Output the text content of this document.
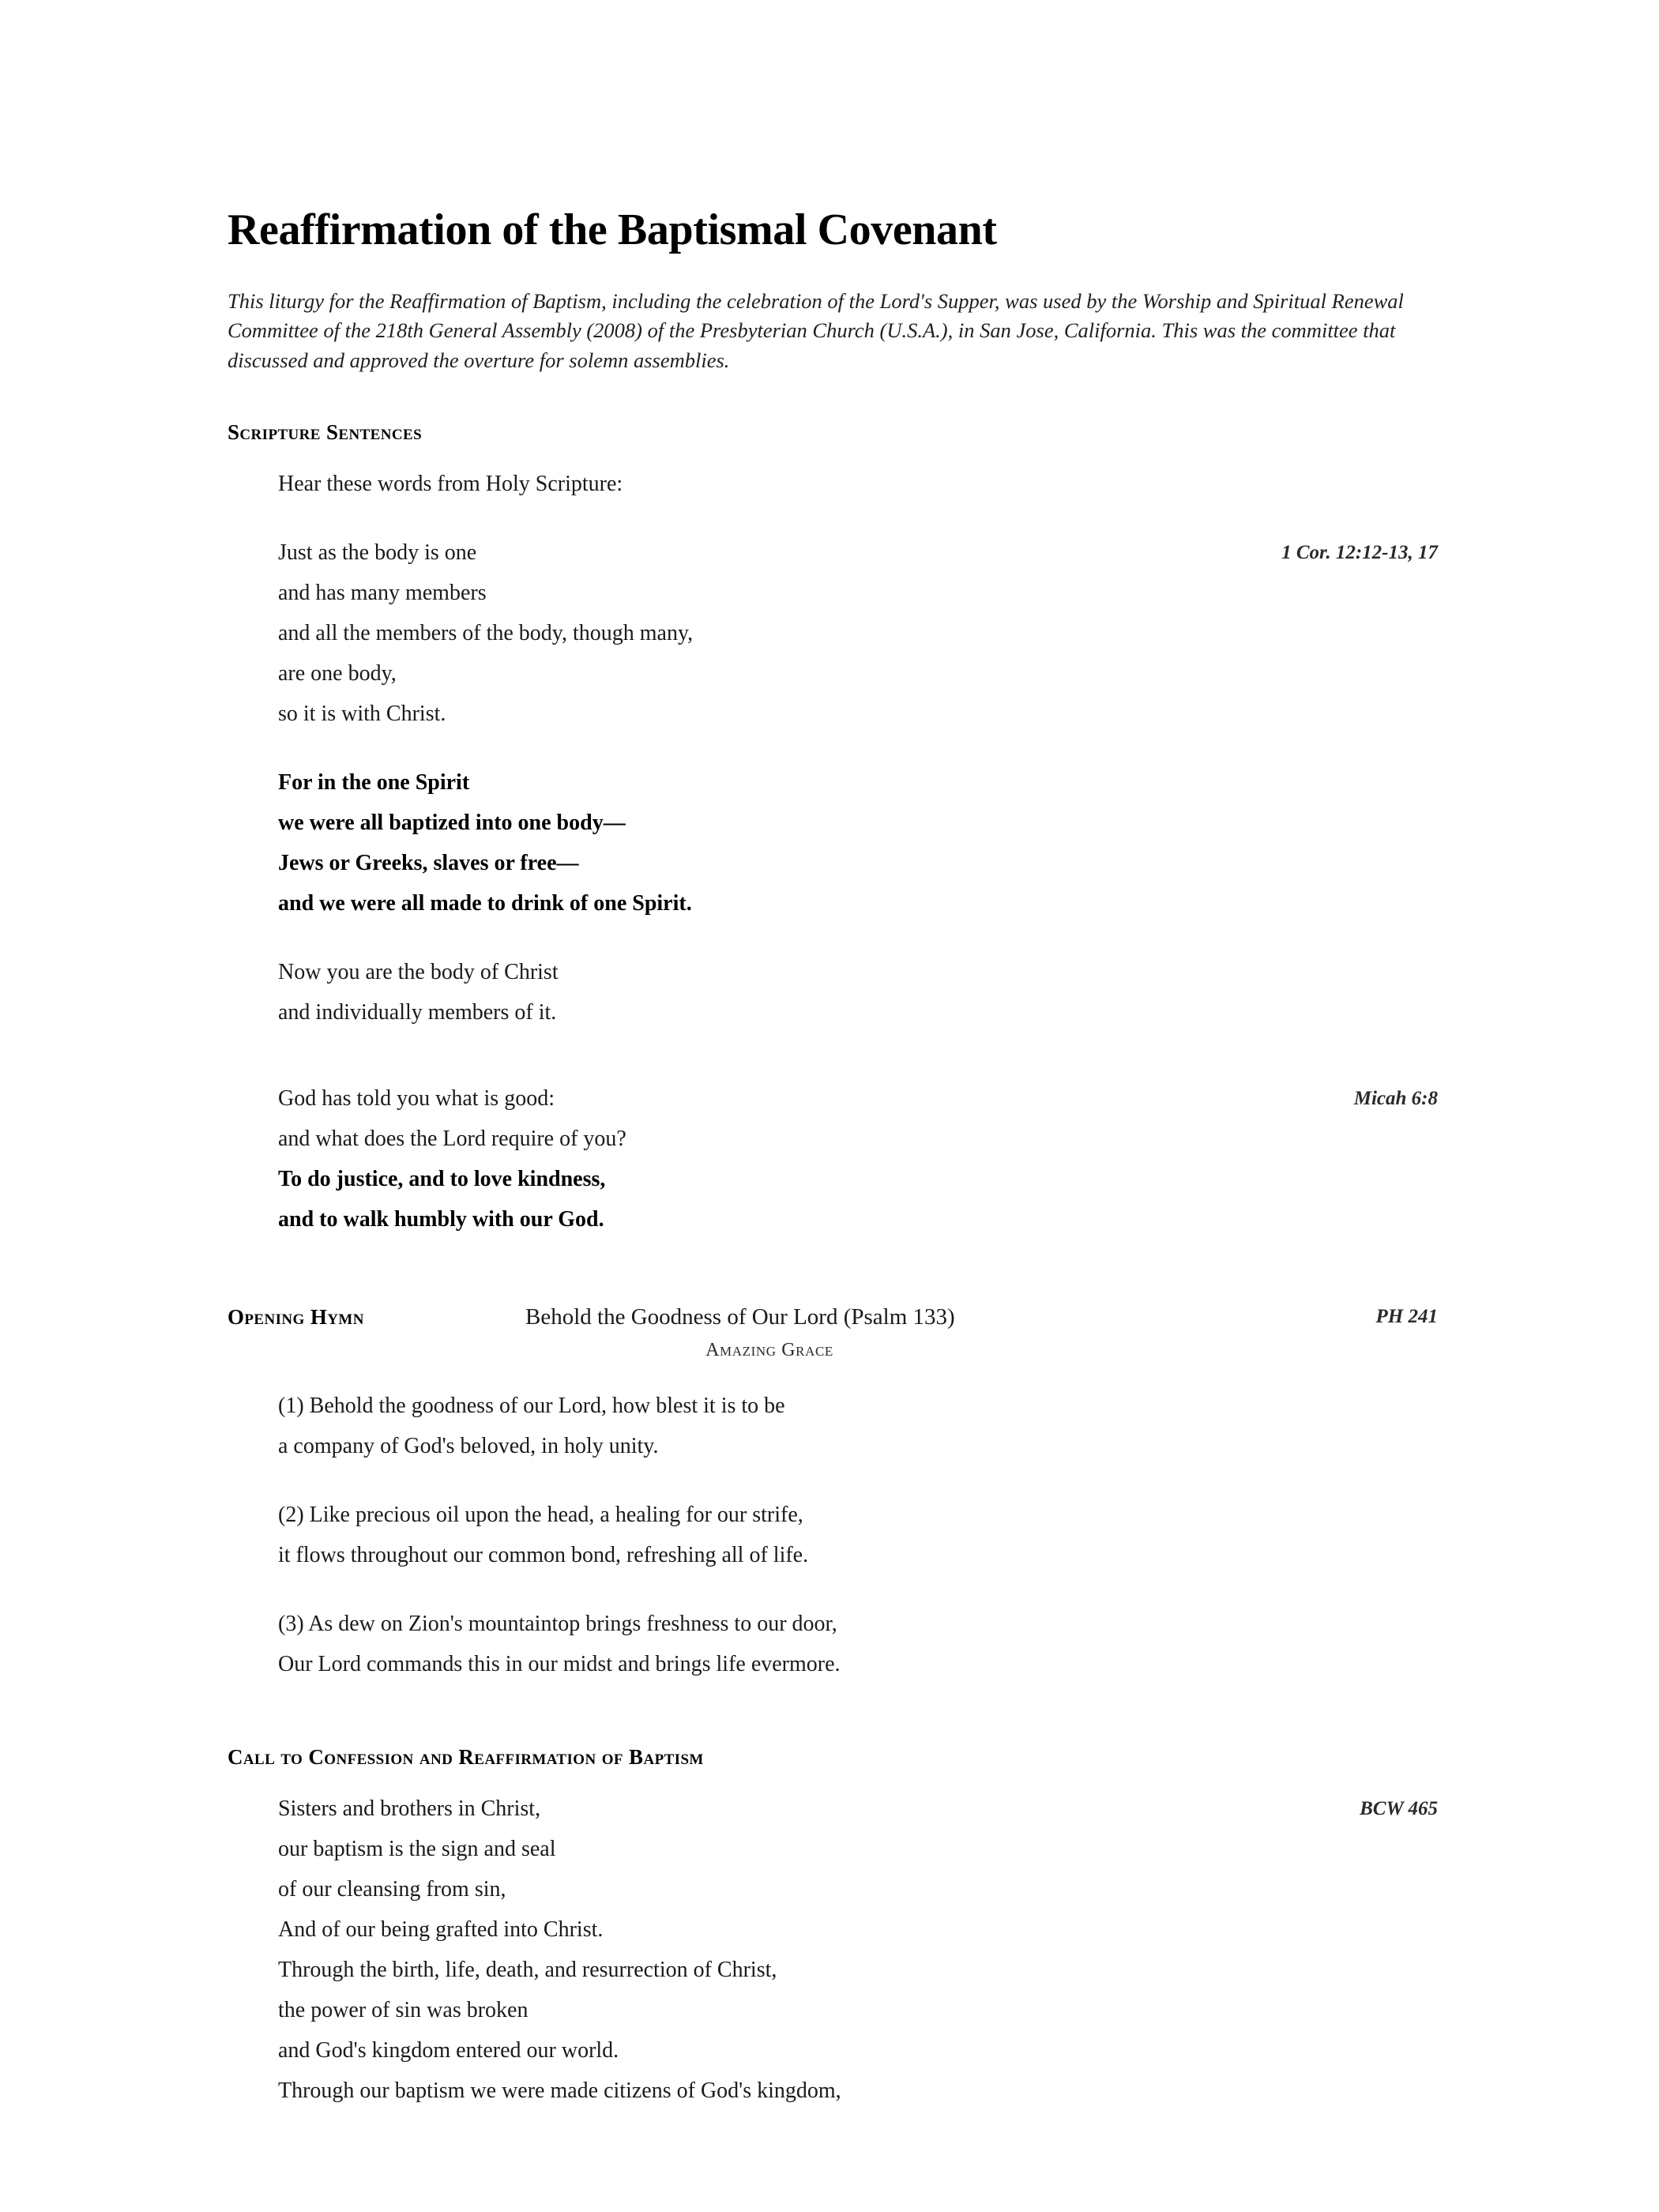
Reaffirmation of the Baptismal Covenant

This liturgy for the Reaffirmation of Baptism, including the celebration of the Lord's Supper, was used by the Worship and Spiritual Renewal Committee of the 218th General Assembly (2008) of the Presbyterian Church (U.S.A.), in San Jose, California. This was the committee that discussed and approved the overture for solemn assemblies.

Scripture Sentences
Hear these words from Holy Scripture:
1 Cor. 12:12-13, 17
Just as the body is one
and has many members
and all the members of the body, though many,
are one body,
so it is with Christ.
For in the one Spirit
we were all baptized into one body—
Jews or Greeks, slaves or free—
and we were all made to drink of one Spirit.
Now you are the body of Christ
and individually members of it.
Micah 6:8
God has told you what is good:
and what does the Lord require of you?
To do justice, and to love kindness,
and to walk humbly with our God.
Opening Hymn	Behold the Goodness of Our Lord (Psalm 133)	PH 241
Amazing Grace
(1) Behold the goodness of our Lord, how blest it is to be
a company of God's beloved, in holy unity.
(2) Like precious oil upon the head, a healing for our strife,
it flows throughout our common bond, refreshing all of life.
(3) As dew on Zion's mountaintop brings freshness to our door,
Our Lord commands this in our midst and brings life evermore.
Call to Confession and Reaffirmation of Baptism
BCW 465
Sisters and brothers in Christ,
our baptism is the sign and seal
of our cleansing from sin,
And of our being grafted into Christ.
Through the birth, life, death, and resurrection of Christ,
the power of sin was broken
and God's kingdom entered our world.
Through our baptism we were made citizens of God's kingdom,
